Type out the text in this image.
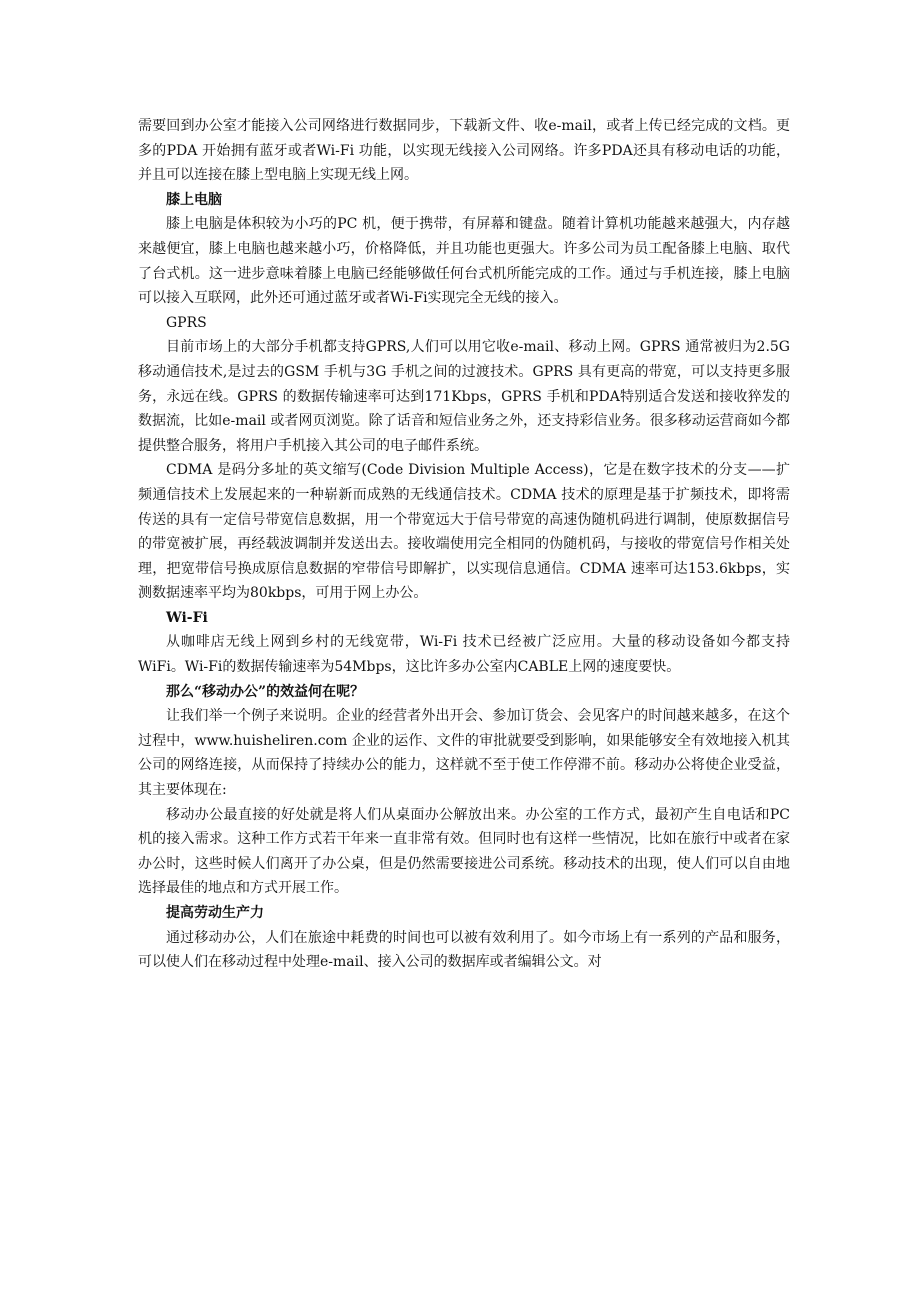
需要回到办公室才能接入公司网络进行数据同步，下载新文件、收e-mail，或者上传已经完成的文档。更多的PDA 开始拥有蓝牙或者Wi-Fi 功能，以实现无线接入公司网络。许多PDA还具有移动电话的功能，并且可以连接在膝上型电脑上实现无线上网。

膝上电脑

膝上电脑是体积较为小巧的PC 机，便于携带，有屏幕和键盘。随着计算机功能越来越强大，内存越来越便宜，膝上电脑也越来越小巧，价格降低，并且功能也更强大。许多公司为员工配备膝上电脑、取代了台式机。这一进步意味着膝上电脑已经能够做任何台式机所能完成的工作。通过与手机连接，膝上电脑可以接入互联网，此外还可通过蓝牙或者Wi-Fi实现完全无线的接入。

GPRS

目前市场上的大部分手机都支持GPRS,人们可以用它收e-mail、移动上网。GPRS 通常被归为2.5G 移动通信技术,是过去的GSM 手机与3G 手机之间的过渡技术。GPRS 具有更高的带宽，可以支持更多服务，永远在线。GPRS 的数据传输速率可达到171Kbps，GPRS 手机和PDA特别适合发送和接收猝发的数据流，比如e-mail 或者网页浏览。除了话音和短信业务之外，还支持彩信业务。很多移动运营商如今都提供整合服务，将用户手机接入其公司的电子邮件系统。

CDMA 是码分多址的英文缩写(Code Division Multiple Access)，它是在数字技术的分支——扩频通信技术上发展起来的一种崭新而成熟的无线通信技术。CDMA 技术的原理是基于扩频技术，即将需传送的具有一定信号带宽信息数据，用一个带宽远大于信号带宽的高速伪随机码进行调制，使原数据信号的带宽被扩展，再经载波调制并发送出去。接收端使用完全相同的伪随机码，与接收的带宽信号作相关处理，把宽带信号换成原信息数据的窄带信号即解扩，以实现信息通信。CDMA 速率可达153.6kbps，实测数据速率平均为80kbps，可用于网上办公。

Wi-Fi

从咖啡店无线上网到乡村的无线宽带，Wi-Fi 技术已经被广泛应用。大量的移动设备如今都支持WiFi。Wi-Fi的数据传输速率为54Mbps，这比许多办公室内CABLE上网的速度要快。

那么“移动办公”的效益何在呢？

让我们举一个例子来说明。企业的经营者外出开会、参加订货会、会见客户的时间越来越多，在这个过程中，www.huisheliren.com 企业的运作、文件的审批就要受到影响，如果能够安全有效地接入机其公司的网络连接，从而保持了持续办公的能力，这样就不至于使工作停滞不前。移动办公将使企业受益，其主要体现在:

移动办公最直接的好处就是将人们从桌面办公解放出来。办公室的工作方式，最初产生自电话和PC 机的接入需求。这种工作方式若干年来一直非常有效。但同时也有这样一些情况，比如在旅行中或者在家办公时，这些时候人们离开了办公桌，但是仍然需要接进公司系统。移动技术的出现，使人们可以自由地选择最佳的地点和方式开展工作。

提高劳动生产力

通过移动办公，人们在旅途中耗费的时间也可以被有效利用了。如今市场上有一系列的产品和服务，可以使人们在移动过程中处理e-mail、接入公司的数据库或者编辑公文。对
